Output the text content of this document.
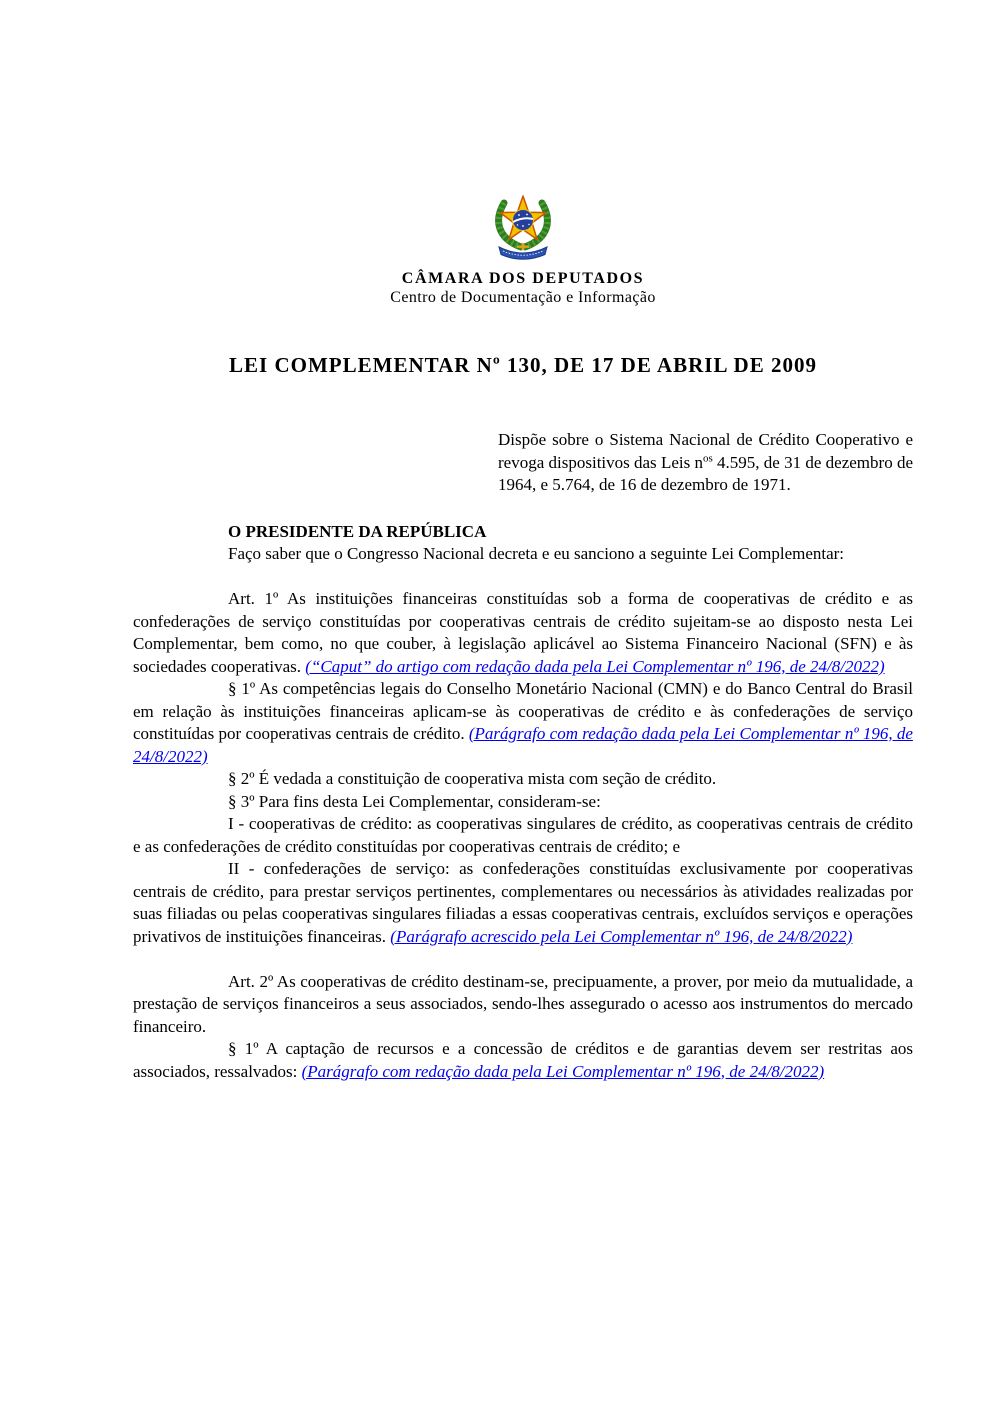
CÂMARA DOS DEPUTADOS
Centro de Documentação e Informação
LEI COMPLEMENTAR Nº 130, DE 17 DE ABRIL DE 2009
Dispõe sobre o Sistema Nacional de Crédito Cooperativo e revoga dispositivos das Leis $n^{os}$ 4.595, de 31 de dezembro de 1964, e 5.764, de 16 de dezembro de 1971.
O PRESIDENTE DA REPÚBLICA

Faço saber que o Congresso Nacional decreta e eu sanciono a seguinte Lei Complementar:

Art. 1º As instituições financeiras constituídas sob a forma de cooperativas de crédito e as confederações de serviço constituídas por cooperativas centrais de crédito sujeitam-se ao disposto nesta Lei Complementar, bem como, no que couber, à legislação aplicável ao Sistema Financeiro Nacional (SFN) e às sociedades cooperativas. (“Caput” do artigo com redação dada pela Lei Complementar nº 196, de 24/8/2022)

§ 1º As competências legais do Conselho Monetário Nacional (CMN) e do Banco Central do Brasil em relação às instituições financeiras aplicam-se às cooperativas de crédito e às confederações de serviço constituídas por cooperativas centrais de crédito. (Parágrafo com redação dada pela Lei Complementar nº 196, de 24/8/2022)

§ 2º É vedada a constituição de cooperativa mista com seção de crédito.

§ 3º Para fins desta Lei Complementar, consideram-se:

I - cooperativas de crédito: as cooperativas singulares de crédito, as cooperativas centrais de crédito e as confederações de crédito constituídas por cooperativas centrais de crédito; e

II - confederações de serviço: as confederações constituídas exclusivamente por cooperativas centrais de crédito, para prestar serviços pertinentes, complementares ou necessários às atividades realizadas por suas filiadas ou pelas cooperativas singulares filiadas a essas cooperativas centrais, excluídos serviços e operações privativos de instituições financeiras. (Parágrafo acrescido pela Lei Complementar nº 196, de 24/8/2022)

Art. 2º As cooperativas de crédito destinam-se, precipuamente, a prover, por meio da mutualidade, a prestação de serviços financeiros a seus associados, sendo-lhes assegurado o acesso aos instrumentos do mercado financeiro.

§ 1º A captação de recursos e a concessão de créditos e de garantias devem ser restritas aos associados, ressalvados: (Parágrafo com redação dada pela Lei Complementar nº 196, de 24/8/2022)
